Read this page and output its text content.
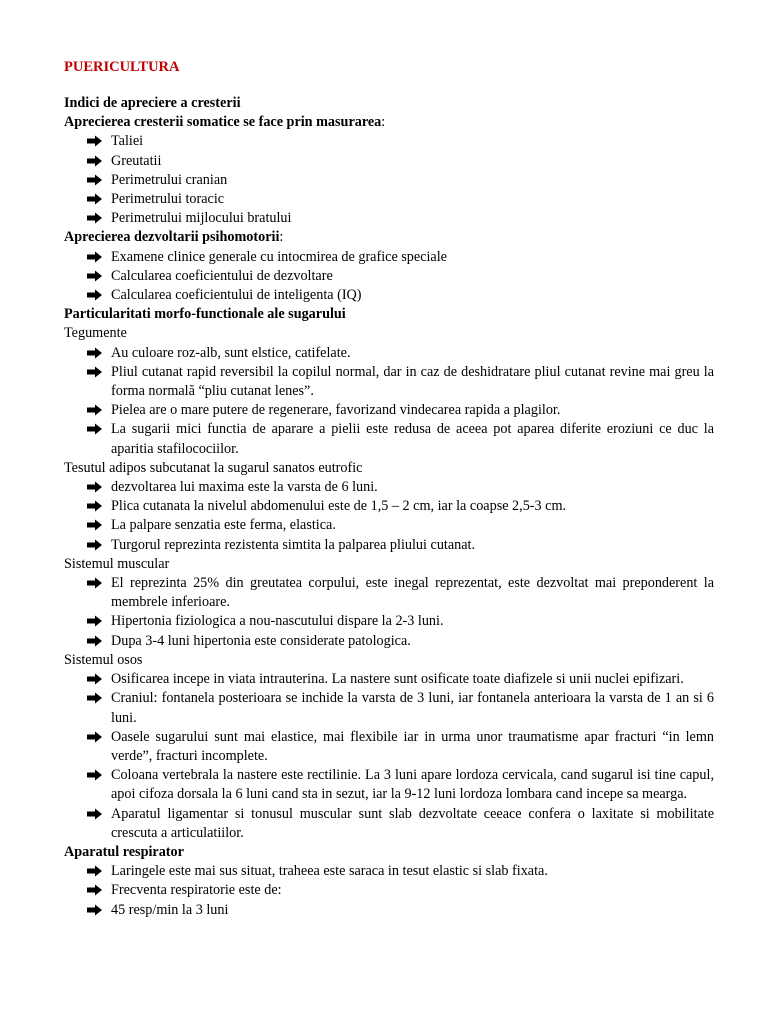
PUERICULTURA
Indici de apreciere a cresterii
Aprecierea cresterii somatice se face prin masurarea:
Taliei
Greutatii
Perimetrului cranian
Perimetrului toracic
Perimetrului mijlocului bratului
Aprecierea dezvoltarii psihomotorii:
Examene clinice generale cu intocmirea de grafice speciale
Calcularea coeficientului de dezvoltare
Calcularea coeficientului de inteligenta (IQ)
Particularitati morfo-functionale ale sugarului
Tegumente
Au culoare roz-alb, sunt elstice, catifelate.
Pliul cutanat rapid reversibil la copilul normal, dar in caz de deshidratare pliul cutanat revine mai greu la forma normală “pliu cutanat lenes”.
Pielea are o mare putere de regenerare, favorizand vindecarea rapida a plagilor.
La sugarii mici functia de aparare a pielii este redusa de aceea pot aparea diferite eroziuni ce duc la aparitia stafilocociilor.
Tesutul adipos subcutanat la sugarul sanatos eutrofic
dezvoltarea lui maxima este la varsta de 6 luni.
Plica cutanata la nivelul abdomenului este de 1,5 – 2 cm, iar la coapse 2,5-3 cm.
La palpare senzatia este ferma, elastica.
Turgorul reprezinta rezistenta simtita la palparea pliului cutanat.
Sistemul muscular
El reprezinta 25% din greutatea corpului, este inegal reprezentat, este dezvoltat mai preponderent la membrele inferioare.
Hipertonia fiziologica a nou-nascutului dispare la 2-3 luni.
Dupa 3-4 luni hipertonia este considerate patologica.
Sistemul osos
Osificarea incepe in viata intrauterina. La nastere sunt osificate toate diafizele si unii nuclei epifizari.
Craniul: fontanela posterioara se inchide la varsta de 3 luni, iar fontanela anterioara la varsta de 1 an si 6 luni.
Oasele sugarului sunt mai elastice, mai flexibile iar in urma unor traumatisme apar fracturi “in lemn verde”, fracturi incomplete.
Coloana vertebrala la nastere este rectilinie. La 3 luni apare lordoza cervicala, cand sugarul isi tine capul, apoi cifoza dorsala la 6 luni cand sta in sezut, iar la 9-12 luni lordoza lombara cand incepe sa mearga.
Aparatul ligamentar si tonusul muscular sunt slab dezvoltate ceeace confera o laxitate si mobilitate crescuta a articulatiilor.
Aparatul respirator
Laringele este mai sus situat, traheea este saraca in tesut elastic si slab fixata.
Frecventa respiratorie este de:
45 resp/min la 3 luni
